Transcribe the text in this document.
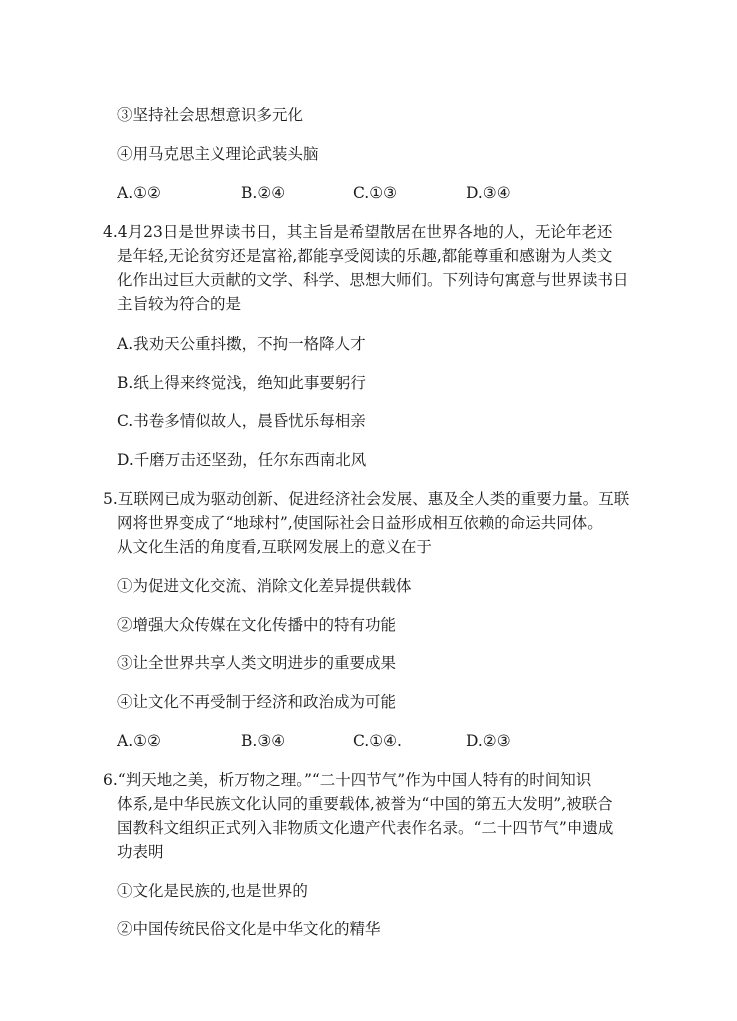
③坚持社会思想意识多元化
④用马克思主义理论武装头脑
A.①②	B.②④	C.①③	D.③④
4.4月23日是世界读书日，其主旨是希望散居在世界各地的人，无论年老还
是年轻,无论贫穷还是富裕,都能享受阅读的乐趣,都能尊重和感谢为人类文
化作出过巨大贡献的文学、科学、思想大师们。下列诗句寓意与世界读书日
主旨较为符合的是
A.我劝天公重抖擞，不拘一格降人才
B.纸上得来终觉浅，绝知此事要躬行
C.书卷多情似故人，晨昏忧乐每相亲
D.千磨万击还坚劲，任尔东西南北风
5.互联网已成为驱动创新、促进经济社会发展、惠及全人类的重要力量。互联
网将世界变成了“地球村”,使国际社会日益形成相互依赖的命运共同体。
从文化生活的角度看,互联网发展上的意义在于
①为促进文化交流、消除文化差异提供载体
②增强大众传媒在文化传播中的特有功能
③让全世界共享人类文明进步的重要成果
④让文化不再受制于经济和政治成为可能
A.①②	B.③④	C.①④.	D.②③
6.“判天地之美，析万物之理。”“二十四节气”作为中国人特有的时间知识
体系,是中华民族文化认同的重要载体,被誉为“中国的第五大发明”,被联合
国教科文组织正式列入非物质文化遗产代表作名录。“二十四节气”申遗成
功表明
①文化是民族的,也是世界的
②中国传统民俗文化是中华文化的精华
